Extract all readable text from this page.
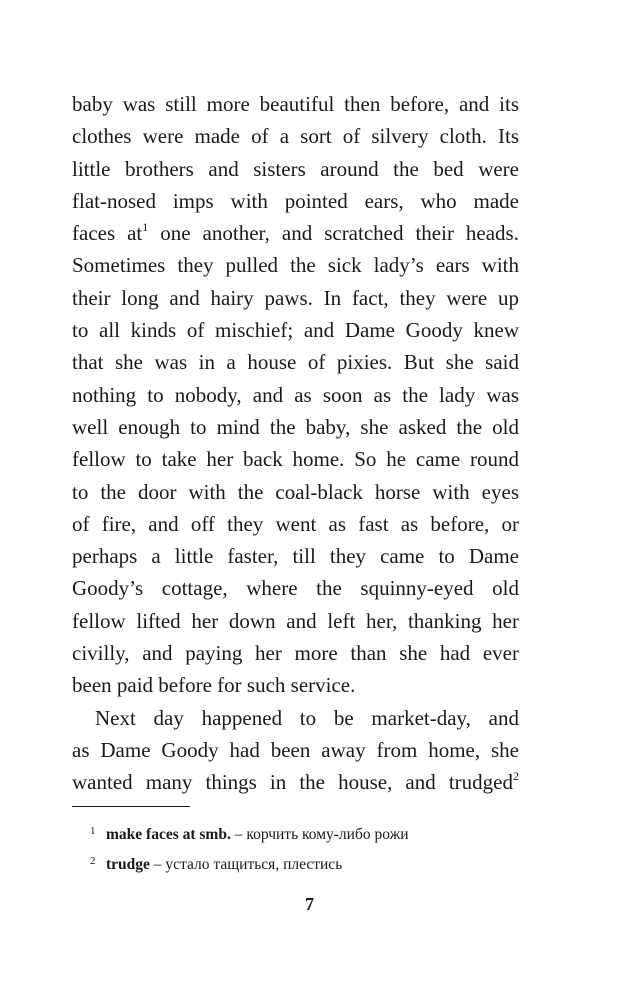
baby was still more beautiful then before, and its
clothes were made of a sort of silvery cloth. Its
little brothers and sisters around the bed were
flat-nosed imps with pointed ears, who made
faces $at^1$ one another, and scratched their heads.
Sometimes they pulled the sick lady’s ears with
their long and hairy paws. In fact, they were up
to all kinds of mischief; and Dame Goody knew
that she was in a house of pixies. But she said
nothing to nobody, and as soon as the lady was
well enough to mind the baby, she asked the old
fellow to take her back home. So he came round
to the door with the coal-black horse with eyes
of fire, and off they went as fast as before, or
perhaps a little faster, till they came to Dame
Goody’s cottage, where the squinny-eyed old
fellow lifted her down and left her, thanking her
civilly, and paying her more than she had ever
been paid before for such service.

Next day happened to be market-day, and
as Dame Goody had been away from home, she
wanted many things in the house, and trudged$^2$

1 make faces at smb. – корчить кому-либо рожи
2 trudge – устало тащиться, плестись
7
